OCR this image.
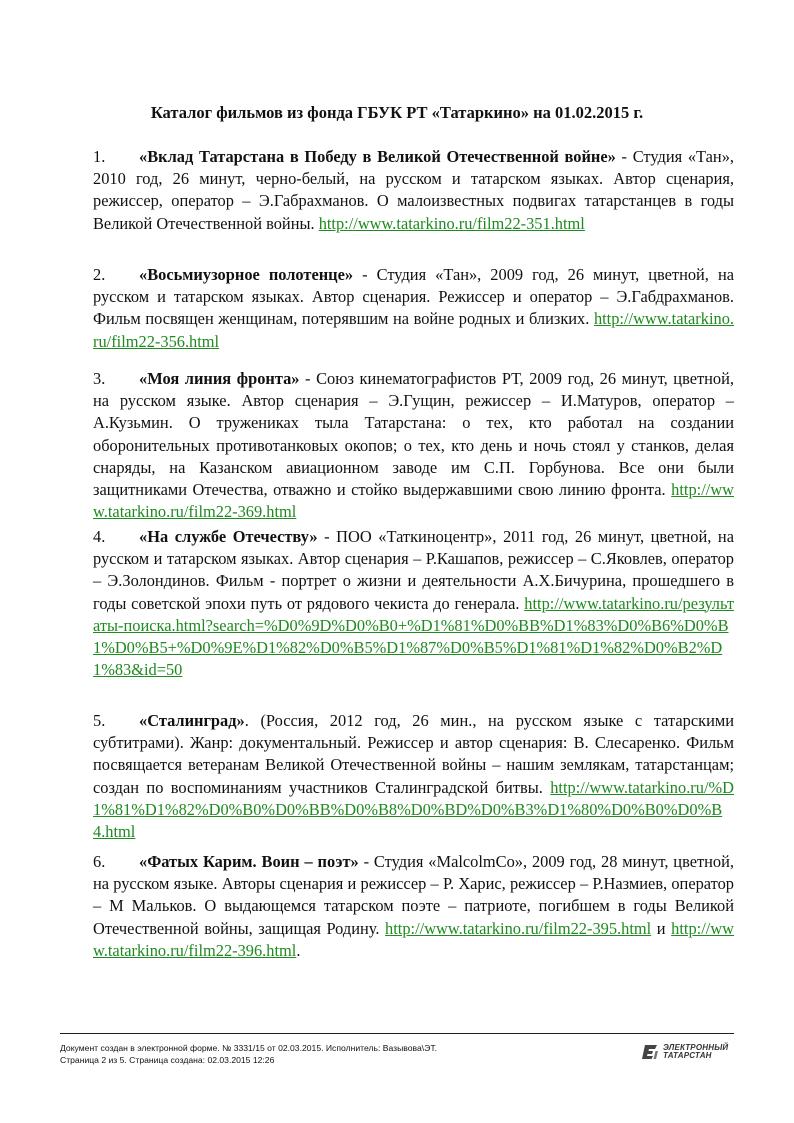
Каталог фильмов из фонда ГБУК РТ «Татаркино» на 01.02.2015 г.
1. «Вклад Татарстана в Победу в Великой Отечественной войне» - Студия «Тан», 2010 год, 26 минут, черно-белый, на русском и татарском языках. Автор сценария, режиссер, оператор – Э.Габрахманов. О малоизвестных подвигах татарстанцев в годы Великой Отечественной войны. http://www.tatarkino.ru/film22-351.html
2. «Восьмиузорное полотенце» - Студия «Тан», 2009 год, 26 минут, цветной, на русском и татарском языках. Автор сценария. Режиссер и оператор – Э.Габдрахманов. Фильм посвящен женщинам, потерявшим на войне родных и близких. http://www.tatarkino.ru/film22-356.html
3. «Моя линия фронта» - Союз кинематографистов РТ, 2009 год, 26 минут, цветной, на русском языке. Автор сценария – Э.Гущин, режиссер – И.Матуров, оператор – А.Кузьмин. О тружениках тыла Татарстана: о тех, кто работал на создании оборонительных противотанковых окопов; о тех, кто день и ночь стоял у станков, делая снаряды, на Казанском авиационном заводе им С.П. Горбунова. Все они были защитниками Отечества, отважно и стойко выдержавшими свою линию фронта. http://www.tatarkino.ru/film22-369.html
4. «На службе Отечеству» - ПОО «Таткиноцентр», 2011 год, 26 минут, цветной, на русском и татарском языках. Автор сценария – Р.Кашапов, режиссер – С.Яковлев, оператор – Э.Золондинов. Фильм - портрет о жизни и деятельности А.Х.Бичурина, прошедшего в годы советской эпохи путь от рядового чекиста до генерала. http://www.tatarkino.ru/результаты-поиска.html?search=%D0%9D%D0%B0+%D1%81%D0%BB%D1%83%D0%B6%D0%B1%D0%B5+%D0%9E%D1%82%D0%B5%D1%87%D0%B5%D1%81%D1%82%D0%B2%D1%83&id=50
5. «Сталинград». (Россия, 2012 год, 26 мин., на русском языке с татарскими субтитрами). Жанр: документальный. Режиссер и автор сценария: В. Слесаренко. Фильм посвящается ветеранам Великой Отечественной войны – нашим землякам, татарстанцам; создан по воспоминаниям участников Сталинградской битвы. http://www.tatarkino.ru/%D1%81%D1%82%D0%B0%D0%BB%D0%B8%D0%BD%D0%B3%D1%80%D0%B0%D0%B4.html
6. «Фатых Карим. Воин – поэт» - Студия «MalcolmCo», 2009 год, 28 минут, цветной, на русском языке. Авторы сценария и режиссер – Р. Харис, режиссер – Р.Назмиев, оператор – М Мальков. О выдающемся татарском поэте – патриоте, погибшем в годы Великой Отечественной войны, защищая Родину. http://www.tatarkino.ru/film22-395.html и http://www.tatarkino.ru/film22-396.html.
Документ создан в электронной форме. № 3331/15 от 02.03.2015. Исполнитель: Вазывова\ЭТ.
Страница 2 из 5. Страница создана: 02.03.2015 12:26
ЭЛЕКТРОННЫЙ
ТАТАРСТАН
